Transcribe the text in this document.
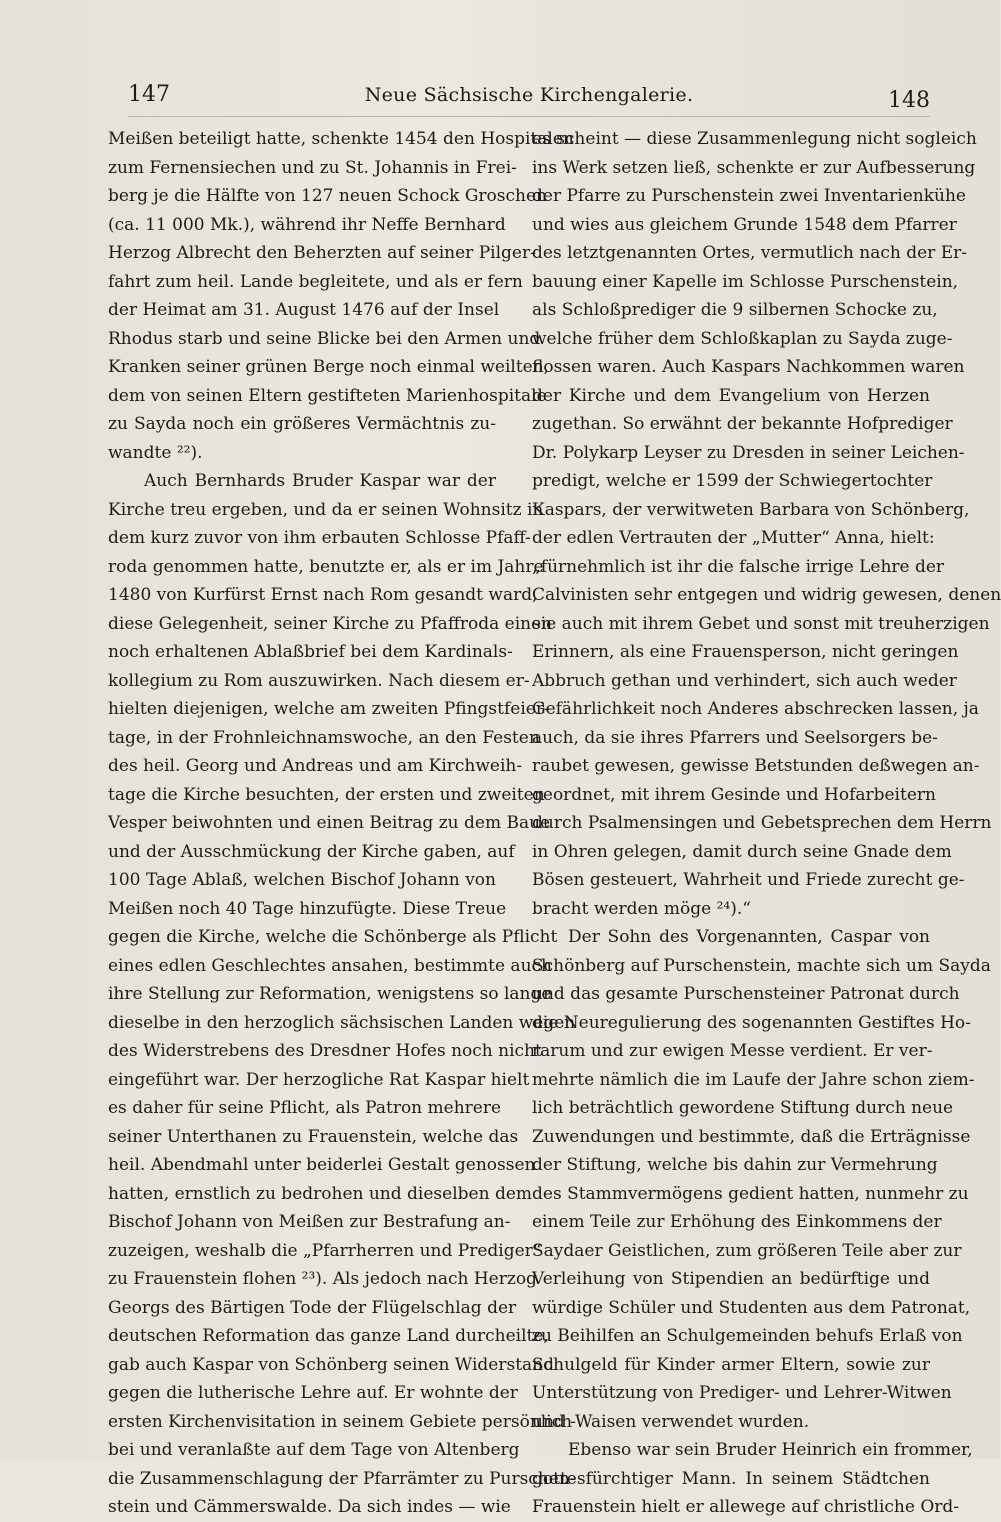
147	Neue Sächsische Kirchengalerie.	148
Meißen beteiligt hatte, schenkte 1454 den Hospitalen
zum Fernensiechen und zu St. Johannis in Frei-
berg je die Hälfte von 127 neuen Schock Groschen
(ca. 11 000 Mk.), während ihr Neffe Bernhard
Herzog Albrecht den Beherzten auf seiner Pilger-
fahrt zum heil. Lande begleitete, und als er fern
der Heimat am 31. August 1476 auf der Insel
Rhodus starb und seine Blicke bei den Armen und
Kranken seiner grünen Berge noch einmal weilten,
dem von seinen Eltern gestifteten Marienhospitale
zu Sayda noch ein größeres Vermächtnis zu-
wandte ²²).
Auch Bernhards Bruder Kaspar war der
Kirche treu ergeben, und da er seinen Wohnsitz in
dem kurz zuvor von ihm erbauten Schlosse Pfaff-
roda genommen hatte, benutzte er, als er im Jahre
1480 von Kurfürst Ernst nach Rom gesandt ward,
diese Gelegenheit, seiner Kirche zu Pfaffroda einen
noch erhaltenen Ablaßbrief bei dem Kardinals-
kollegium zu Rom auszuwirken. Nach diesem er-
hielten diejenigen, welche am zweiten Pfingstfeier-
tage, in der Frohnleichnamswoche, an den Festen
des heil. Georg und Andreas und am Kirchweih-
tage die Kirche besuchten, der ersten und zweiten
Vesper beiwohnten und einen Beitrag zu dem Baue
und der Ausschmückung der Kirche gaben, auf
100 Tage Ablaß, welchen Bischof Johann von
Meißen noch 40 Tage hinzufügte. Diese Treue
gegen die Kirche, welche die Schönberge als Pflicht
eines edlen Geschlechtes ansahen, bestimmte auch
ihre Stellung zur Reformation, wenigstens so lange
dieselbe in den herzoglich sächsischen Landen wegen
des Widerstrebens des Dresdner Hofes noch nicht
eingeführt war. Der herzogliche Rat Kaspar hielt
es daher für seine Pflicht, als Patron mehrere
seiner Unterthanen zu Frauenstein, welche das
heil. Abendmahl unter beiderlei Gestalt genossen
hatten, ernstlich zu bedrohen und dieselben dem
Bischof Johann von Meißen zur Bestrafung an-
zuzeigen, weshalb die „Pfarrherren und Prediger“
zu Frauenstein flohen ²³). Als jedoch nach Herzog
Georgs des Bärtigen Tode der Flügelschlag der
deutschen Reformation das ganze Land durcheilte,
gab auch Kaspar von Schönberg seinen Widerstand
gegen die lutherische Lehre auf. Er wohnte der
ersten Kirchenvisitation in seinem Gebiete persönlich
bei und veranlaßte auf dem Tage von Altenberg
die Zusammenschlagung der Pfarrämter zu Purschen-
stein und Cämmerswalde. Da sich indes — wie
es scheint — diese Zusammenlegung nicht sogleich
ins Werk setzen ließ, schenkte er zur Aufbesserung
der Pfarre zu Purschenstein zwei Inventarienkühe
und wies aus gleichem Grunde 1548 dem Pfarrer
des letztgenannten Ortes, vermutlich nach der Er-
bauung einer Kapelle im Schlosse Purschenstein,
als Schloßprediger die 9 silbernen Schocke zu,
welche früher dem Schloßkaplan zu Sayda zuge-
flossen waren. Auch Kaspars Nachkommen waren
der Kirche und dem Evangelium von Herzen
zugethan. So erwähnt der bekannte Hofprediger
Dr. Polykarp Leyser zu Dresden in seiner Leichen-
predigt, welche er 1599 der Schwiegertochter
Kaspars, der verwitweten Barbara von Schönberg,
der edlen Vertrauten der „Mutter“ Anna, hielt:
„fürnehmlich ist ihr die falsche irrige Lehre der
Calvinisten sehr entgegen und widrig gewesen, denen
sie auch mit ihrem Gebet und sonst mit treuherzigen
Erinnern, als eine Frauensperson, nicht geringen
Abbruch gethan und verhindert, sich auch weder
Gefährlichkeit noch Anderes abschrecken lassen, ja
auch, da sie ihres Pfarrers und Seelsorgers be-
raubet gewesen, gewisse Betstunden deßwegen an-
geordnet, mit ihrem Gesinde und Hofarbeitern
durch Psalmensingen und Gebetsprechen dem Herrn
in Ohren gelegen, damit durch seine Gnade dem
Bösen gesteuert, Wahrheit und Friede zurecht ge-
bracht werden möge ²⁴).“
Der Sohn des Vorgenannten, Caspar von
Schönberg auf Purschenstein, machte sich um Sayda
und das gesamte Purschensteiner Patronat durch
die Neuregulierung des sogenannten Gestiftes Ho-
rarum und zur ewigen Messe verdient. Er ver-
mehrte nämlich die im Laufe der Jahre schon ziem-
lich beträchtlich gewordene Stiftung durch neue
Zuwendungen und bestimmte, daß die Erträgnisse
der Stiftung, welche bis dahin zur Vermehrung
des Stammvermögens gedient hatten, nunmehr zu
einem Teile zur Erhöhung des Einkommens der
Saydaer Geistlichen, zum größeren Teile aber zur
Verleihung von Stipendien an bedürftige und
würdige Schüler und Studenten aus dem Patronat,
zu Beihilfen an Schulgemeinden behufs Erlaß von
Schulgeld für Kinder armer Eltern, sowie zur
Unterstützung von Prediger- und Lehrer-Witwen
und -Waisen verwendet wurden.
Ebenso war sein Bruder Heinrich ein frommer,
gottesfürchtiger Mann. In seinem Städtchen
Frauenstein hielt er allewege auf christliche Ord-
